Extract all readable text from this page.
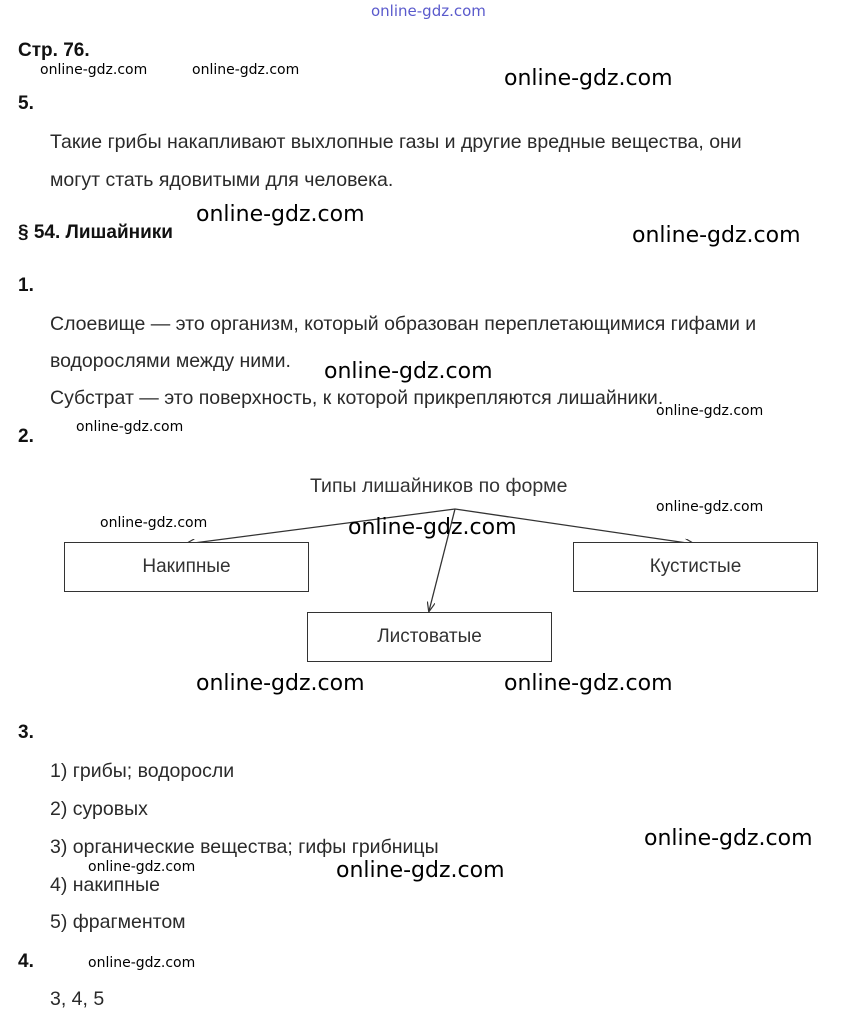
online-gdz.com
Стр. 76.
5.
Такие грибы накапливают выхлопные газы и другие вредные вещества, они
могут стать ядовитыми для человека.
§ 54. Лишайники
1.
Слоевище — это организм, который образован переплетающимися гифами и
водорослями между ними.
Субстрат — это поверхность, к которой прикрепляются лишайники.
2.
Типы лишайников по форме
Накипные	Кустистые
Листоватые
3.
1) грибы; водоросли
2) суровых
3) органические вещества; гифы грибницы
4) накипные
5) фрагментом
4.
3, 4, 5
online-gdz.com	online-gdz.com	online-gdz.com
online-gdz.com
online-gdz.com
online-gdz.com
online-gdz.com
online-gdz.com
online-gdz.com
online-gdz.com	online-gdz.com
online-gdz.com	online-gdz.com
online-gdz.com
online-gdz.com	online-gdz.com
online-gdz.com
